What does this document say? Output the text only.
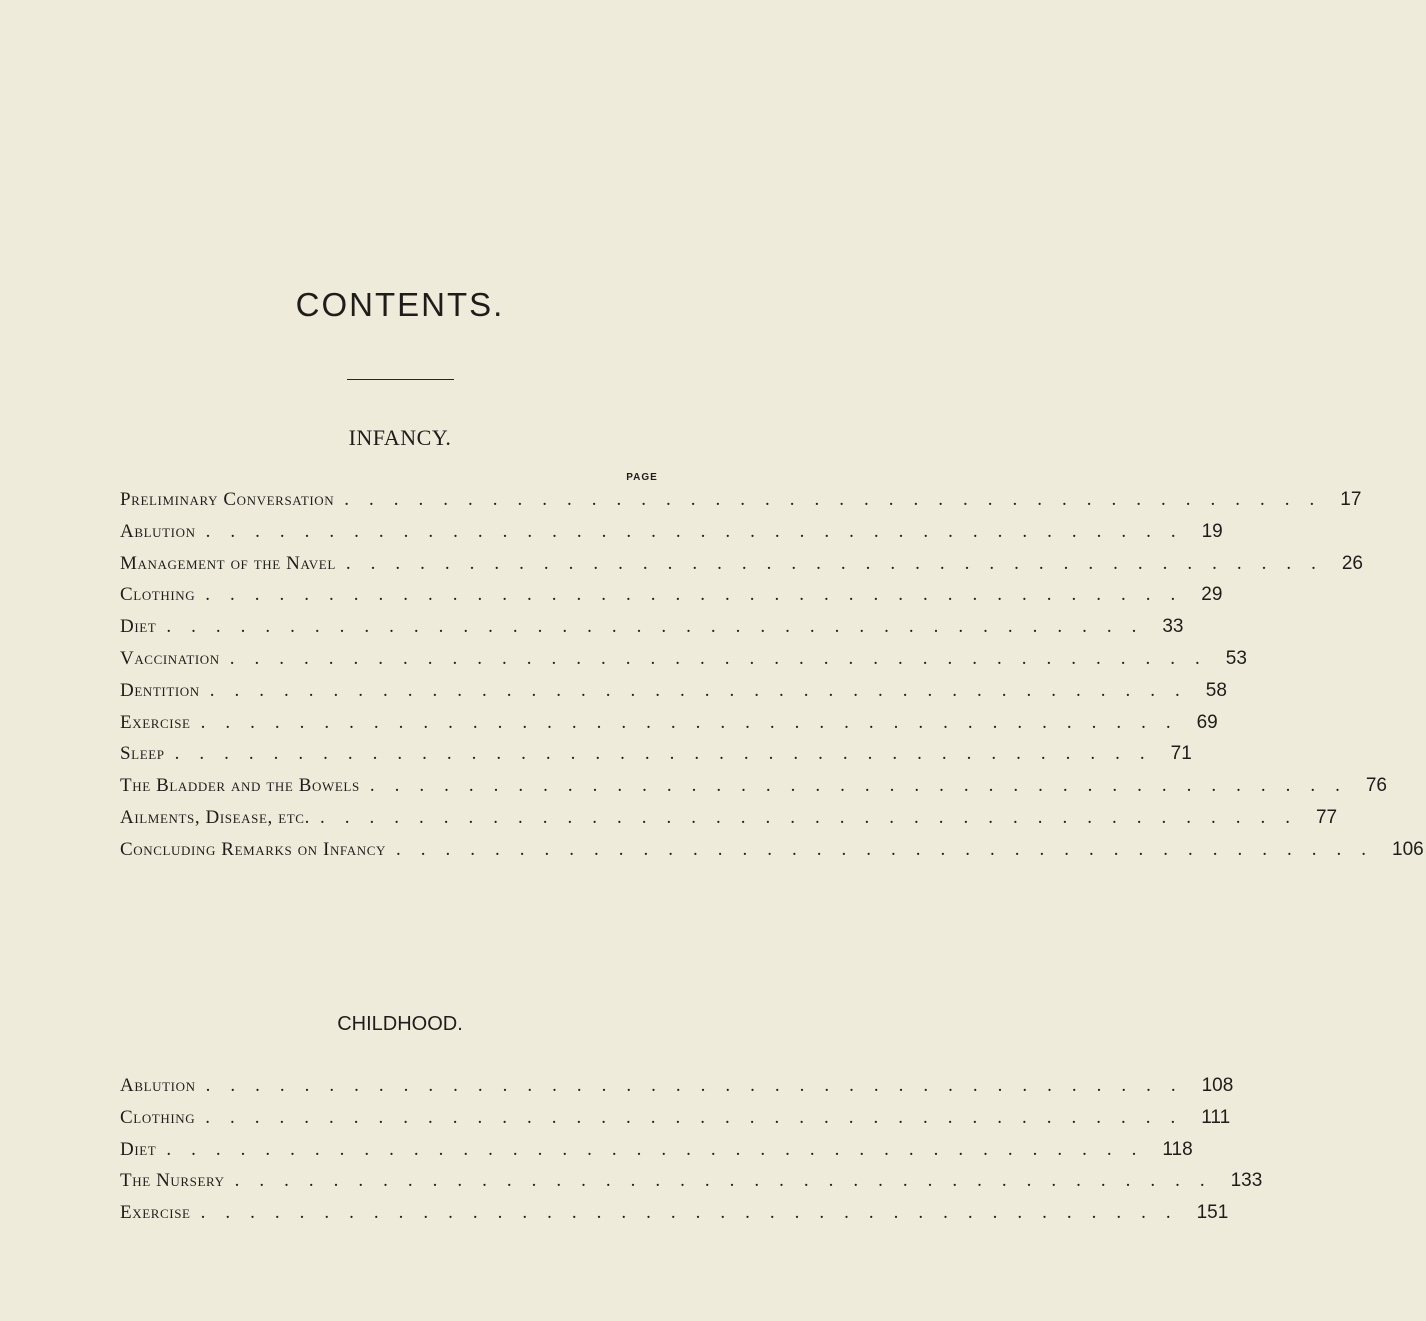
CONTENTS.
INFANCY.
PAGE
Preliminary Conversation ........................................ 17
Ablution ........................................ 19
Management of the Navel ........................................ 26
Clothing ........................................ 29
Diet ........................................ 33
Vaccination ........................................ 53
Dentition ........................................ 58
Exercise ........................................ 69
Sleep ........................................ 71
The Bladder and the Bowels ........................................ 76
Ailments, Disease, etc. ........................................ 77
Concluding Remarks on Infancy ........................................ 106
CHILDHOOD.
Ablution ........................................ 108
Clothing ........................................ 111
Diet ........................................ 118
The Nursery ........................................ 133
Exercise ........................................ 151
